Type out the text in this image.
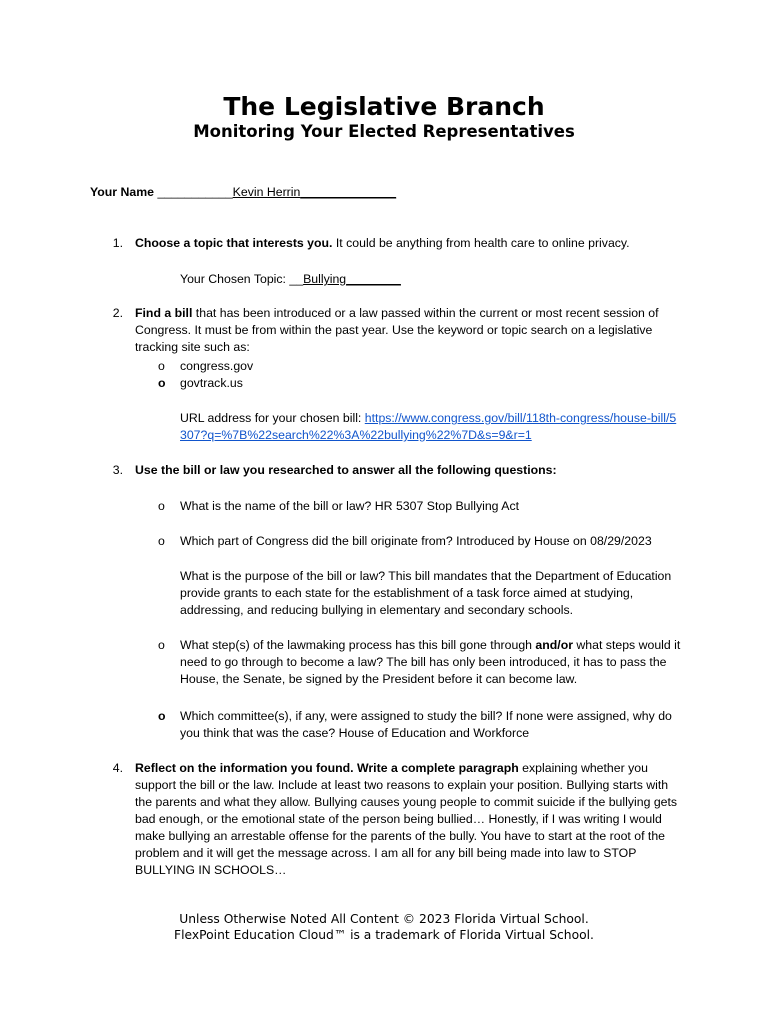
The Legislative Branch
Monitoring Your Elected Representatives
Your Name ___________Kevin Herrin______________
1. Choose a topic that interests you. It could be anything from health care to online privacy.
Your Chosen Topic: __Bullying________
2. Find a bill that has been introduced or a law passed within the current or most recent session of Congress. It must be from within the past year. Use the keyword or topic search on a legislative tracking site such as:
o	congress.gov
o	govtrack.us
URL address for your chosen bill: https://www.congress.gov/bill/118th-congress/house-bill/5307?q=%7B%22search%22%3A%22bullying%22%7D&s=9&r=1
3. Use the bill or law you researched to answer all the following questions:
o	What is the name of the bill or law? HR 5307 Stop Bullying Act
o	Which part of Congress did the bill originate from? Introduced by House on 08/29/2023
What is the purpose of the bill or law? This bill mandates that the Department of Education provide grants to each state for the establishment of a task force aimed at studying, addressing, and reducing bullying in elementary and secondary schools.
o	What step(s) of the lawmaking process has this bill gone through and/or what steps would it need to go through to become a law? The bill has only been introduced, it has to pass the House, the Senate, be signed by the President before it can become law.
o	Which committee(s), if any, were assigned to study the bill? If none were assigned, why do you think that was the case? House of Education and Workforce
4. Reflect on the information you found. Write a complete paragraph explaining whether you support the bill or the law. Include at least two reasons to explain your position. Bullying starts with the parents and what they allow. Bullying causes young people to commit suicide if the bullying gets bad enough, or the emotional state of the person being bullied… Honestly, if I was writing I would make bullying an arrestable offense for the parents of the bully. You have to start at the root of the problem and it will get the message across. I am all for any bill being made into law to STOP BULLYING IN SCHOOLS…
Unless Otherwise Noted All Content © 2023 Florida Virtual School.
FlexPoint Education Cloud™ is a trademark of Florida Virtual School.
